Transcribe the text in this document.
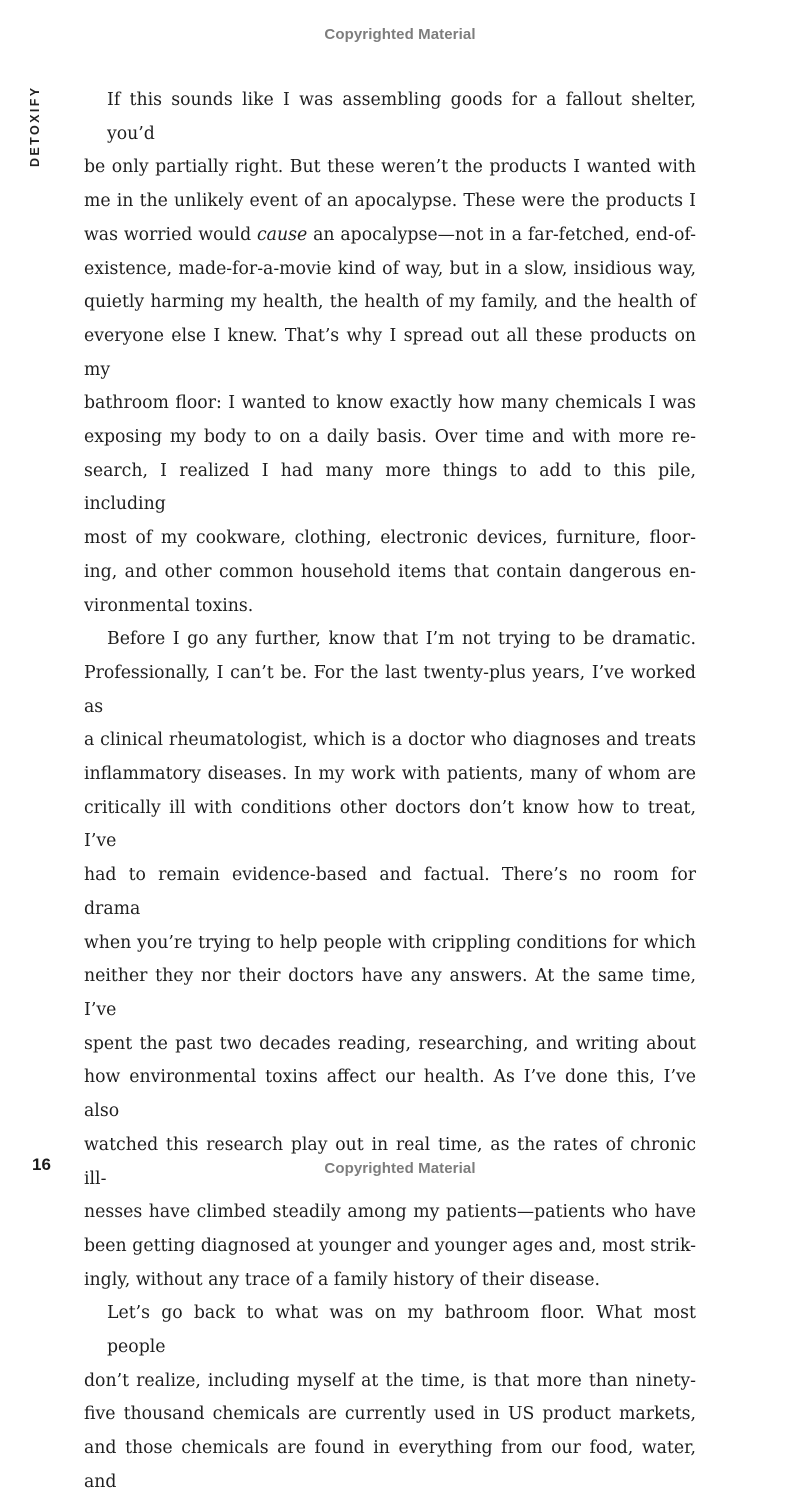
Copyrighted Material
DETOXIFY	If this sounds like I was assembling goods for a fallout shelter, you’d
be only partially right. But these weren’t the products I wanted with
me in the unlikely event of an apocalypse. These were the products I
was worried would cause an apocalypse—not in a far-fetched, end-of-
existence, made-for-a-movie kind of way, but in a slow, insidious way,
quietly harming my health, the health of my family, and the health of
everyone else I knew. That’s why I spread out all these products on my
bathroom floor: I wanted to know exactly how many chemicals I was
exposing my body to on a daily basis. Over time and with more re-
search, I realized I had many more things to add to this pile, including
most of my cookware, clothing, electronic devices, furniture, floor-
ing, and other common household items that contain dangerous en-
vironmental toxins.
Before I go any further, know that I’m not trying to be dramatic.
Professionally, I can’t be. For the last twenty-plus years, I’ve worked as
a clinical rheumatologist, which is a doctor who diagnoses and treats
inflammatory diseases. In my work with patients, many of whom are
critically ill with conditions other doctors don’t know how to treat, I’ve
had to remain evidence-based and factual. There’s no room for drama
when you’re trying to help people with crippling conditions for which
neither they nor their doctors have any answers. At the same time, I’ve
spent the past two decades reading, researching, and writing about
how environmental toxins affect our health. As I’ve done this, I’ve also
watched this research play out in real time, as the rates of chronic ill-
nesses have climbed steadily among my patients—patients who have
been getting diagnosed at younger and younger ages and, most strik-
ingly, without any trace of a family history of their disease.
Let’s go back to what was on my bathroom floor. What most people
don’t realize, including myself at the time, is that more than ninety-
five thousand chemicals are currently used in US product markets,
and those chemicals are found in everything from our food, water, and
16	Copyrighted Material
